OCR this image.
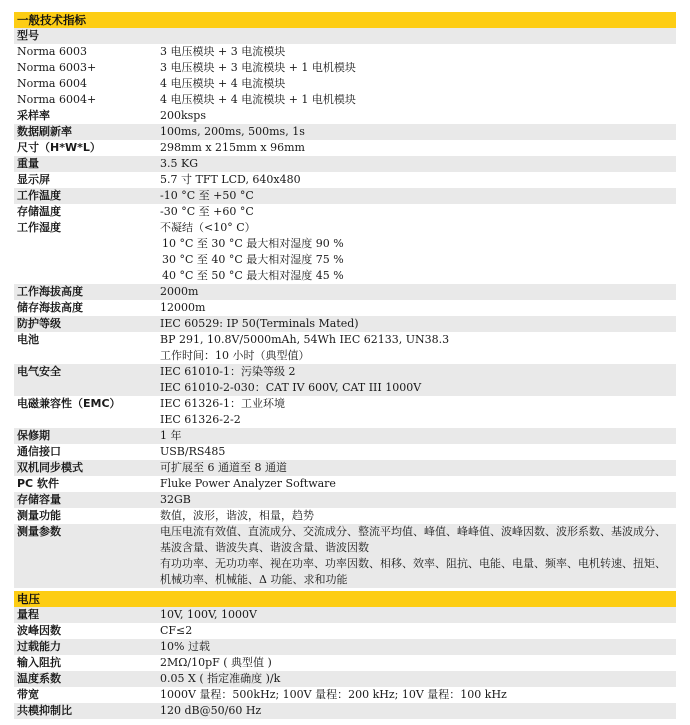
一般技术指标
型号
Norma 6003	3 电压模块 + 3 电流模块
Norma 6003+	3 电压模块 + 3 电流模块 + 1 电机模块
Norma 6004	4 电压模块 + 4 电流模块
Norma 6004+	4 电压模块 + 4 电流模块 + 1 电机模块
采样率	200ksps
数据刷新率	100ms, 200ms, 500ms, 1s
尺寸（H*W*L）	298mm x 215mm x 96mm
重量	3.5 KG
显示屏	5.7 寸 TFT LCD, 640x480
工作温度	-10 °C 至 +50 °C
存储温度	-30 °C 至 +60 °C
工作湿度	不凝结（<10° C）
10 °C 至 30 °C 最大相对湿度 90 %
30 °C 至 40 °C 最大相对湿度 75 %
40 °C 至 50 °C 最大相对湿度 45 %
工作海拔高度	2000m
储存海拔高度	12000m
防护等级	IEC 60529: IP 50(Terminals Mated)
电池	BP 291, 10.8V/5000mAh, 54Wh IEC 62133, UN38.3
工作时间：10 小时（典型值）
电气安全	IEC 61010-1：污染等级 2
IEC 61010-2-030：CAT IV 600V, CAT III 1000V
电磁兼容性（EMC）	IEC 61326-1：工业环境
IEC 61326-2-2
保修期	1 年
通信接口	USB/RS485
双机同步模式	可扩展至 6 通道至 8 通道
PC 软件	Fluke Power Analyzer Software
存储容量	32GB
测量功能	数值，波形，谐波，相量，趋势
测量参数	电压电流有效值、直流成分、交流成分、整流平均值、峰值、峰峰值、波峰因数、波形系数、基波成分、基波含量、谐波失真、谐波含量、谐波因数
有功功率、无功功率、视在功率、功率因数、相移、效率、阻抗、电能、电量、频率、电机转速、扭矩、机械功率、机械能、Δ 功能、求和功能
电压
量程	10V, 100V, 1000V
波峰因数	CF≤2
过载能力	10% 过载
输入阻抗	2MΩ/10pF ( 典型值 )
温度系数	0.05 X ( 指定准确度 )/k
带宽	1000V 量程：500kHz; 100V 量程：200 kHz; 10V 量程：100 kHz
共模抑制比	120 dB@50/60 Hz
